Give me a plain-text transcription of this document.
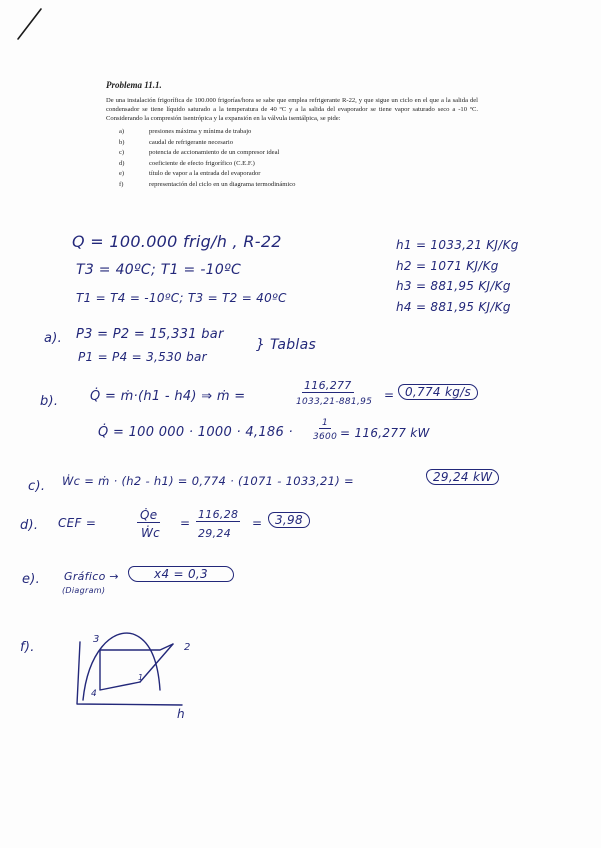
Problema 11.1.

De una instalación frigorífica de 100.000 frigorías/hora se sabe que emplea refrigerante R-22, y que sigue un ciclo en el que a la salida del condensador se tiene líquido saturado a la temperatura de 40 ºC y a la salida del evaporador se tiene vapor saturado seco a -10 ºC. Considerando la compresión isentrópica y la expansión en la válvula isentálpica, se pide:

a)	presiones máxima y mínima de trabajo
b)	caudal de refrigerante necesario
c)	potencia de accionamiento de un compresor ideal
d)	coeficiente de efecto frigorífico (C.E.F.)
e)	título de vapor a la entrada del evaporador
f)	representación del ciclo en un diagrama termodinámico
Q = 100.000 frig/h , R-22
T3 = 40ºC; T1 = -10ºC
T1 = T4 = -10ºC; T3 = T2 = 40ºC
h1 = 1033,21 KJ/Kg
h2 = 1071 KJ/Kg
h3 = 881,95 KJ/Kg
h4 = 881,95 KJ/Kg
a). P3 = P2 = 15,331 bar
P1 = P4 = 3,530 bar
} Tablas
b). Q̇ = ṁ·(h1 - h4) ⇒ ṁ =
116,277
1033,21-881,95 = 0,774 kg/s
Q̇ = 100 000 · 1000 · 4,186 ·
1
3600 = 116,277 kW
c). Ẇc = ṁ · (h2 - h1) = 0,774 · (1071 - 1033,21) =	29,24 kW
d). CEF =
Q̇e
Ẇc
=
116,28
29,24
=	3,98
e). Gráfico →
(Diagram)
x4 = 0,3
f).
3
2
1
4
h
